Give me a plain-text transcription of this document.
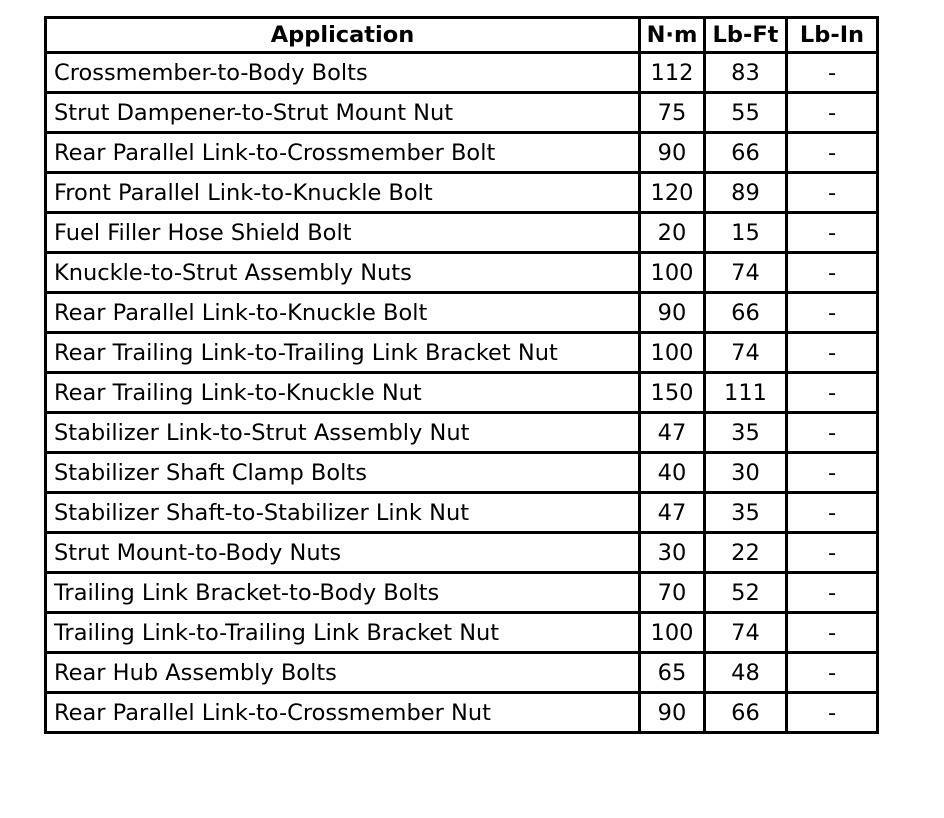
Application	N·m	Lb-Ft	Lb-In
Crossmember-to-Body Bolts	112	83	-
Strut Dampener-to-Strut Mount Nut	75	55	-
Rear Parallel Link-to-Crossmember Bolt	90	66	-
Front Parallel Link-to-Knuckle Bolt	120	89	-
Fuel Filler Hose Shield Bolt	20	15	-
Knuckle-to-Strut Assembly Nuts	100	74	-
Rear Parallel Link-to-Knuckle Bolt	90	66	-
Rear Trailing Link-to-Trailing Link Bracket Nut	100	74	-
Rear Trailing Link-to-Knuckle Nut	150	111	-
Stabilizer Link-to-Strut Assembly Nut	47	35	-
Stabilizer Shaft Clamp Bolts	40	30	-
Stabilizer Shaft-to-Stabilizer Link Nut	47	35	-
Strut Mount-to-Body Nuts	30	22	-
Trailing Link Bracket-to-Body Bolts	70	52	-
Trailing Link-to-Trailing Link Bracket Nut	100	74	-
Rear Hub Assembly Bolts	65	48	-
Rear Parallel Link-to-Crossmember Nut	90	66	-
